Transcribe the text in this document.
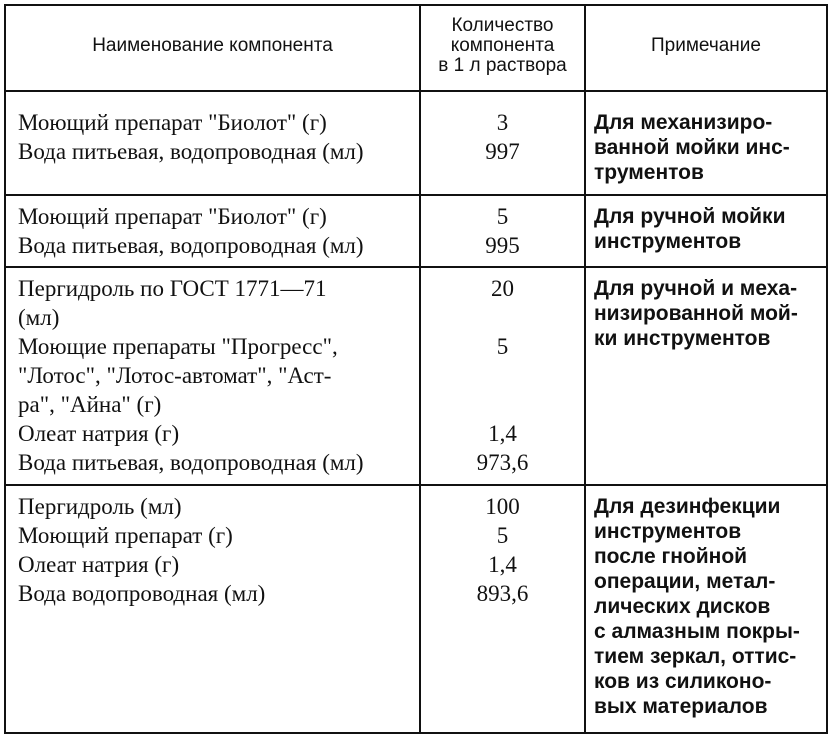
Наименование компонента
Количество
компонента
в 1 л раствора
Примечание
Моющий препарат "Биолот" (г)
Вода питьевая, водопроводная (мл)
3
997
Для механизиро-
ванной мойки инс-
трументов
Моющий препарат "Биолот" (г)
Вода питьевая, водопроводная (мл)
5
995
Для ручной мойки
инструментов
Пергидроль по ГОСТ 1771—71
(мл)
Моющие препараты "Прогресс",
"Лотос", "Лотос-автомат", "Аст-
ра", "Айна" (г)
Олеат натрия (г)
Вода питьевая, водопроводная (мл)
20
5
1,4
973,6
Для ручной и меха-
низированной мой-
ки инструментов
Пергидроль (мл)
Моющий препарат (г)
Олеат натрия (г)
Вода водопроводная (мл)
100
5
1,4
893,6
Для дезинфекции
инструментов
после гнойной
операции, метал-
лических дисков
с алмазным покры-
тием зеркал, оттис-
ков из силиконо-
вых материалов
